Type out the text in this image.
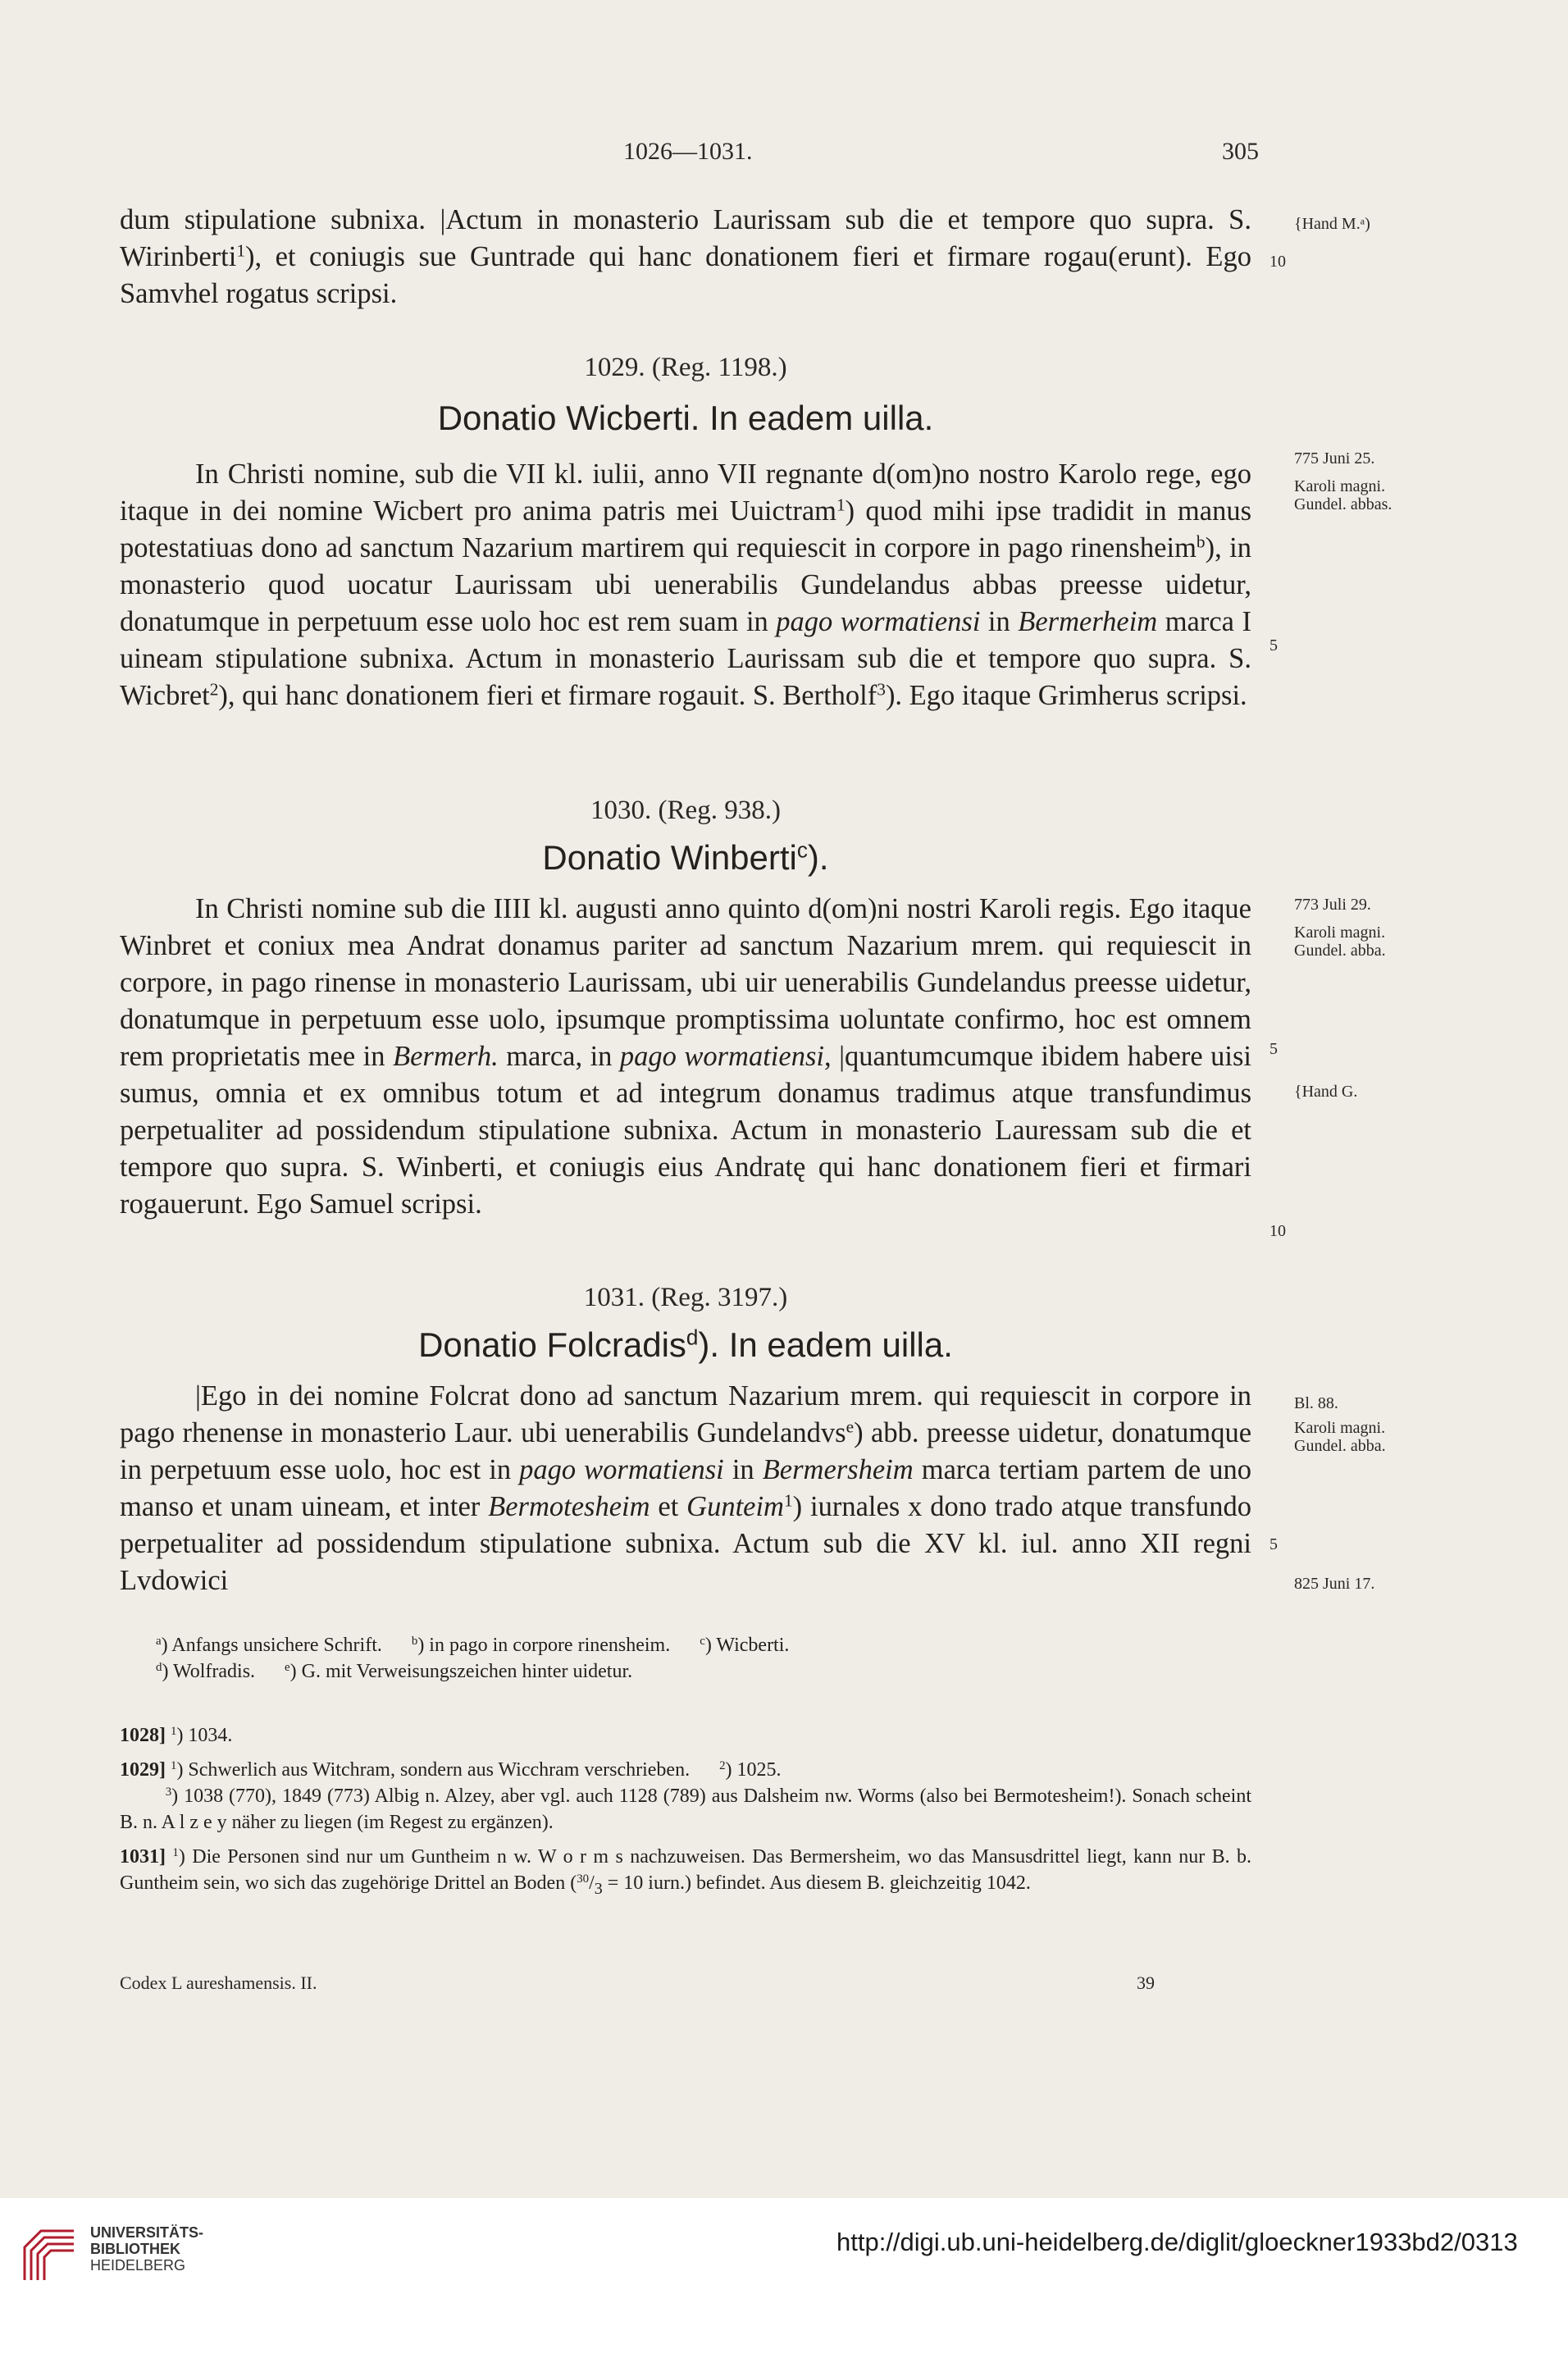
1026—1031.	305

dum stipulatione subnixa. |Actum in monasterio Laurissam sub die et tempore quo supra. S. Wirinberti$^1$), et coniugis sue Guntrade qui hanc donationem fieri et firmare rogau(erunt). Ego Samvhel rogatus scripsi.

{Hand M.ᵃ)
10

1029. (Reg. 1198.)

Donatio Wicberti. In eadem uilla.

In Christi nomine, sub die VII kl. iulii, anno VII regnante d(om)no nostro Karolo rege, ego itaque in dei nomine Wicbert pro anima patris mei Uuictram$^1$) quod mihi ipse tradidit in manus potestatiuas dono ad sanctum Nazarium martirem qui requiescit in corpore in pago rinensheim$^b$), in monasterio quod uocatur Laurissam ubi uenerabilis Gundelandus abbas preesse uidetur, donatumque in perpetuum esse uolo hoc est rem suam in pago wormatiensi in Bermerheim marca I uineam stipulatione subnixa. Actum in monasterio Laurissam sub die et tempore quo supra. S. Wicbret$^2$), qui hanc donationem fieri et firmare rogauit. S. Bertholf$^3$). Ego itaque Grimherus scripsi.

775 Juni 25.
Karoli magni. Gundel. abbas.
5

1030. (Reg. 938.)

Donatio Winberti$^c$).

In Christi nomine sub die IIII kl. augusti anno quinto d(om)ni nostri Karoli regis. Ego itaque Winbret et coniux mea Andrat donamus pariter ad sanctum Nazarium mrem. qui requiescit in corpore, in pago rinense in monasterio Laurissam, ubi uir uenerabilis Gundelandus preesse uidetur, donatumque in perpetuum esse uolo, ipsumque promptissima uoluntate confirmo, hoc est omnem rem proprietatis mee in Bermerh. marca, in pago wormatiensi, |quantumcumque ibidem habere uisi sumus, omnia et ex omnibus totum et ad integrum donamus tradimus atque transfundimus perpetualiter ad possidendum stipulatione subnixa. Actum in monasterio Lauressam sub die et tempore quo supra. S. Winberti, et coniugis eius Andratę qui hanc donationem fieri et firmari rogauerunt. Ego Samuel scripsi.

773 Juli 29.
Karoli magni. Gundel. abba.
5
{Hand G.
10

1031. (Reg. 3197.)

Donatio Folcradis$^d$). In eadem uilla.

|Ego in dei nomine Folcrat dono ad sanctum Nazarium mrem. qui requiescit in corpore in pago rhenense in monasterio Laur. ubi uenerabilis Gundelandvs$^e$) abb. preesse uidetur, donatumque in perpetuum esse uolo, hoc est in pago wormatiensi in Bermersheim marca tertiam partem de uno manso et unam uineam, et inter Bermotesheim et Gunteim$^1$) iurnales x dono trado atque transfundo perpetualiter ad possidendum stipulatione subnixa. Actum sub die XV kl. iul. anno XII regni Lvdowici

Bl. 88.
Karoli magni. Gundel. abba.
5
825 Juni 17.

$^a$) Anfangs unsichere Schrift.      $^b$) in pago in corpore rinensheim.      $^c$) Wicberti.

$^d$) Wolfradis.      $^e$) G. mit Verweisungszeichen hinter uidetur.

1028] $^1$) 1034.

1029] $^1$) Schwerlich aus Witchram, sondern aus Wicchram verschrieben.      $^2$) 1025.

$^3$) 1038 (770), 1849 (773) Albig n. Alzey, aber vgl. auch 1128 (789) aus Dalsheim nw. Worms (also bei Bermotesheim!). Sonach scheint B. n. A l z e y näher zu liegen (im Regest zu ergänzen).

1031] $^1$) Die Personen sind nur um Guntheim n w. W o r m s nachzuweisen. Das Bermersheim, wo das Mansusdrittel liegt, kann nur B. b. Guntheim sein, wo sich das zugehörige Drittel an Boden ($^{30}/_3 = 10$ iurn.) befindet. Aus diesem B. gleichzeitig 1042.

Codex L aureshamensis. II.	39
UNIVERSITÄTS-
BIBLIOTHEK
HEIDELBERG
http://digi.ub.uni-heidelberg.de/diglit/gloeckner1933bd2/0313
